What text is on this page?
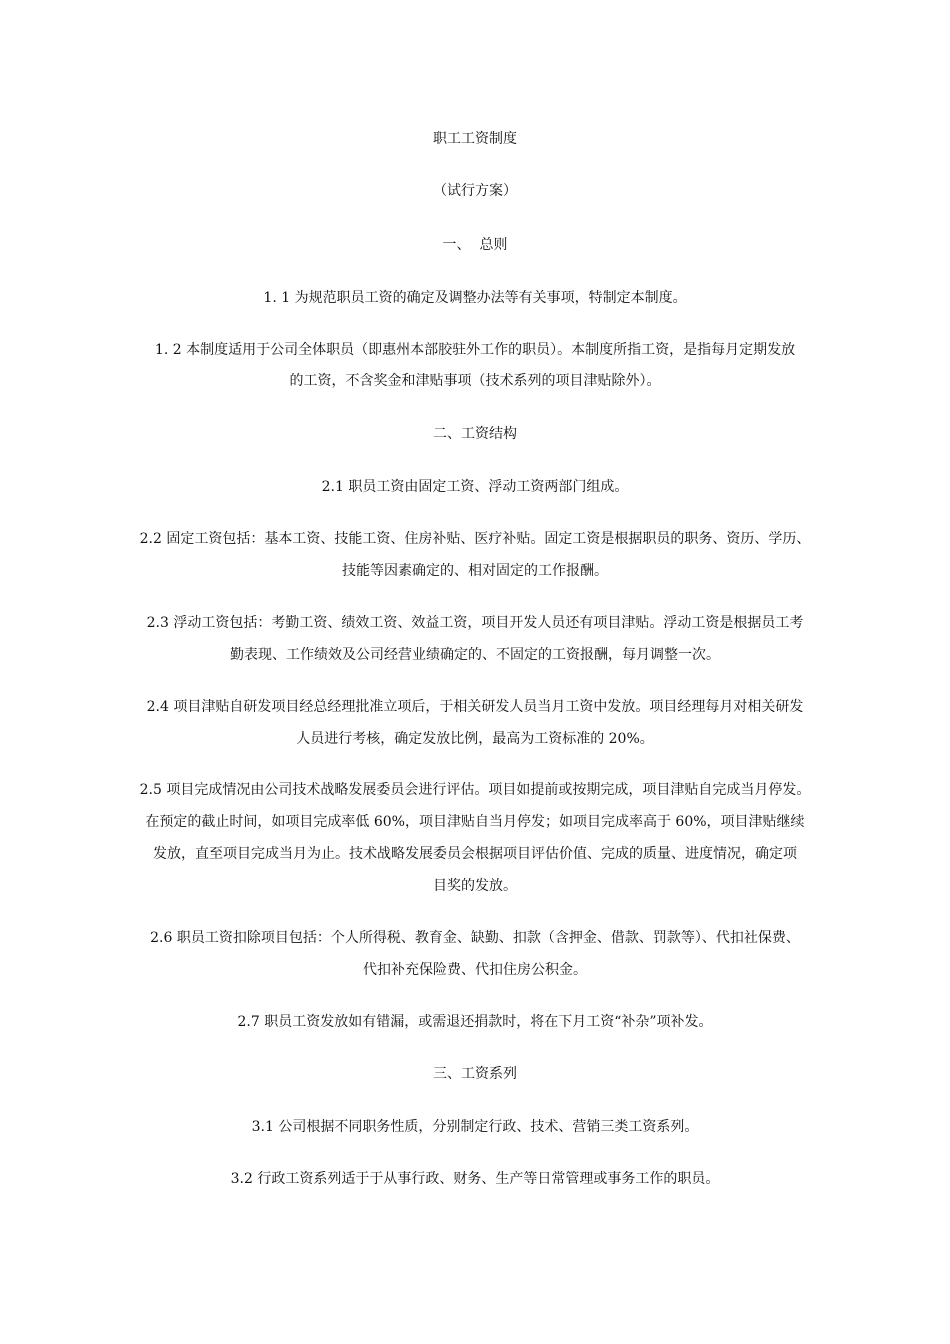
职工工资制度
（试行方案）
一、  总则
1. 1 为规范职员工资的确定及调整办法等有关事项，特制定本制度。
1. 2 本制度适用于公司全体职员（即惠州本部胶驻外工作的职员）。本制度所指工资，是指每月定期发放
的工资，不含奖金和津贴事项（技术系列的项目津贴除外）。
二、工资结构
2.1 职员工资由固定工资、浮动工资两部门组成。
2.2 固定工资包括：基本工资、技能工资、住房补贴、医疗补贴。固定工资是根据职员的职务、资历、学历、
技能等因素确定的、相对固定的工作报酬。
2.3 浮动工资包括：考勤工资、绩效工资、效益工资，项目开发人员还有项目津贴。浮动工资是根据员工考
勤表现、工作绩效及公司经营业绩确定的、不固定的工资报酬，每月调整一次。
2.4 项目津贴自研发项目经总经理批准立项后，于相关研发人员当月工资中发放。项目经理每月对相关研发
人员进行考核，确定发放比例，最高为工资标准的 20%。
2.5 项目完成情况由公司技术战略发展委员会进行评估。项目如提前或按期完成，项目津贴自完成当月停发。
在预定的截止时间，如项目完成率低 60%，项目津贴自当月停发；如项目完成率高于 60%，项目津贴继续
发放，直至项目完成当月为止。技术战略发展委员会根据项目评估价值、完成的质量、进度情况，确定项
目奖的发放。
2.6 职员工资扣除项目包括：个人所得税、教育金、缺勤、扣款（含押金、借款、罚款等）、代扣社保费、
代扣补充保险费、代扣住房公积金。
2.7 职员工资发放如有错漏，或需退还捐款时，将在下月工资“补杂”项补发。
三、工资系列
3.1 公司根据不同职务性质，分别制定行政、技术、营销三类工资系列。
3.2 行政工资系列适于于从事行政、财务、生产等日常管理或事务工作的职员。
